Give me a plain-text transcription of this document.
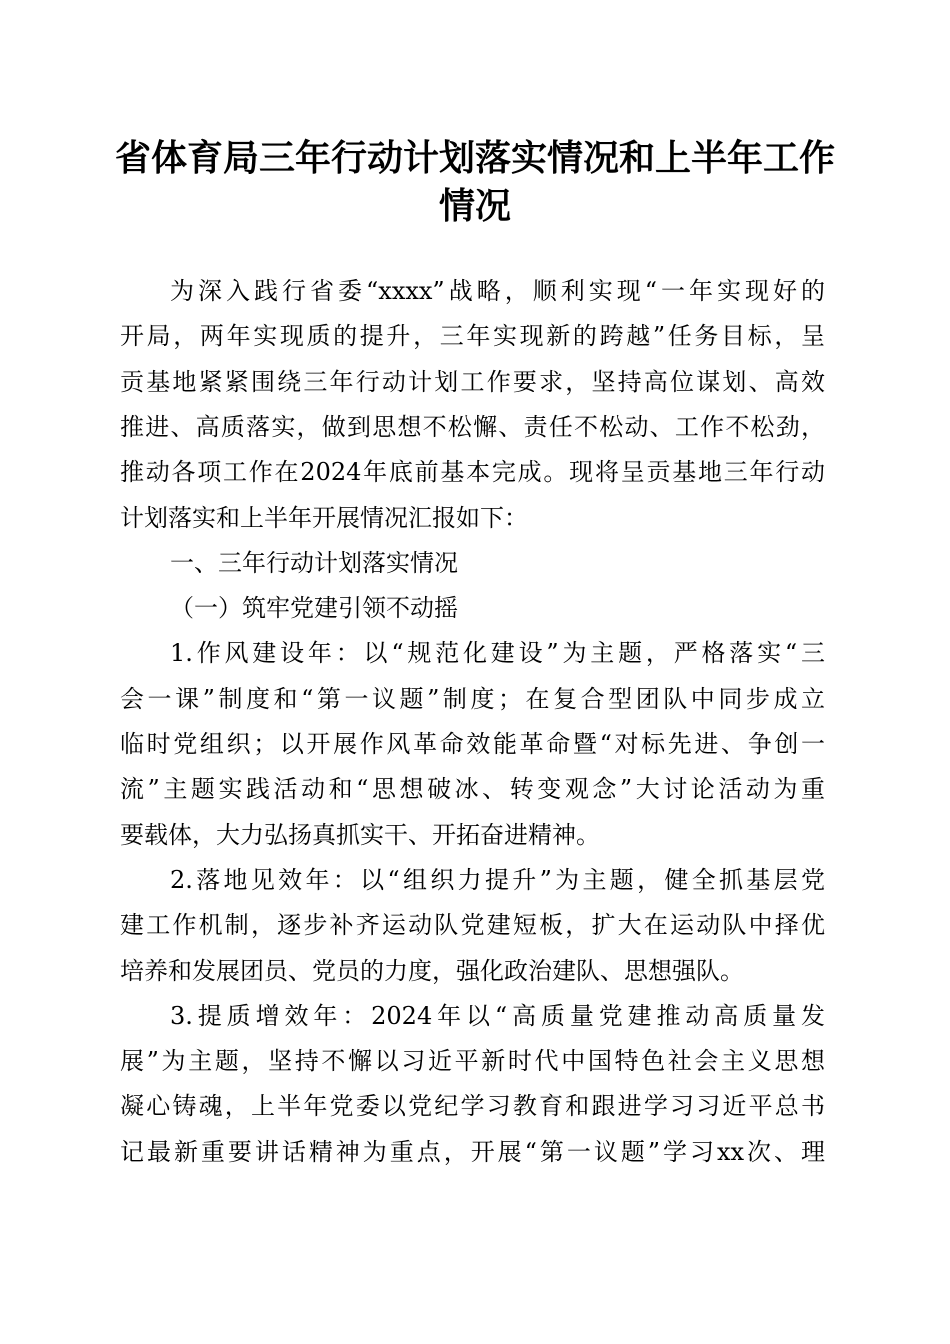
省体育局三年行动计划落实情况和上半年工作
情况
为深入践行省委“xxxx”战略，顺利实现“一年实现好的
开局，两年实现质的提升，三年实现新的跨越”任务目标，呈
贡基地紧紧围绕三年行动计划工作要求，坚持高位谋划、高效
推进、高质落实，做到思想不松懈、责任不松动、工作不松劲，
推动各项工作在2024年底前基本完成。现将呈贡基地三年行动
计划落实和上半年开展情况汇报如下：
一、三年行动计划落实情况
（一）筑牢党建引领不动摇
1.作风建设年：以“规范化建设”为主题，严格落实“三
会一课”制度和“第一议题”制度；在复合型团队中同步成立
临时党组织；以开展作风革命效能革命暨“对标先进、争创一
流”主题实践活动和“思想破冰、转变观念”大讨论活动为重
要载体，大力弘扬真抓实干、开拓奋进精神。
2.落地见效年：以“组织力提升”为主题，健全抓基层党
建工作机制，逐步补齐运动队党建短板，扩大在运动队中择优
培养和发展团员、党员的力度，强化政治建队、思想强队。
3.提质增效年：2024年以“高质量党建推动高质量发
展”为主题，坚持不懈以习近平新时代中国特色社会主义思想
凝心铸魂，上半年党委以党纪学习教育和跟进学习习近平总书
记最新重要讲话精神为重点，开展“第一议题”学习xx次、理
